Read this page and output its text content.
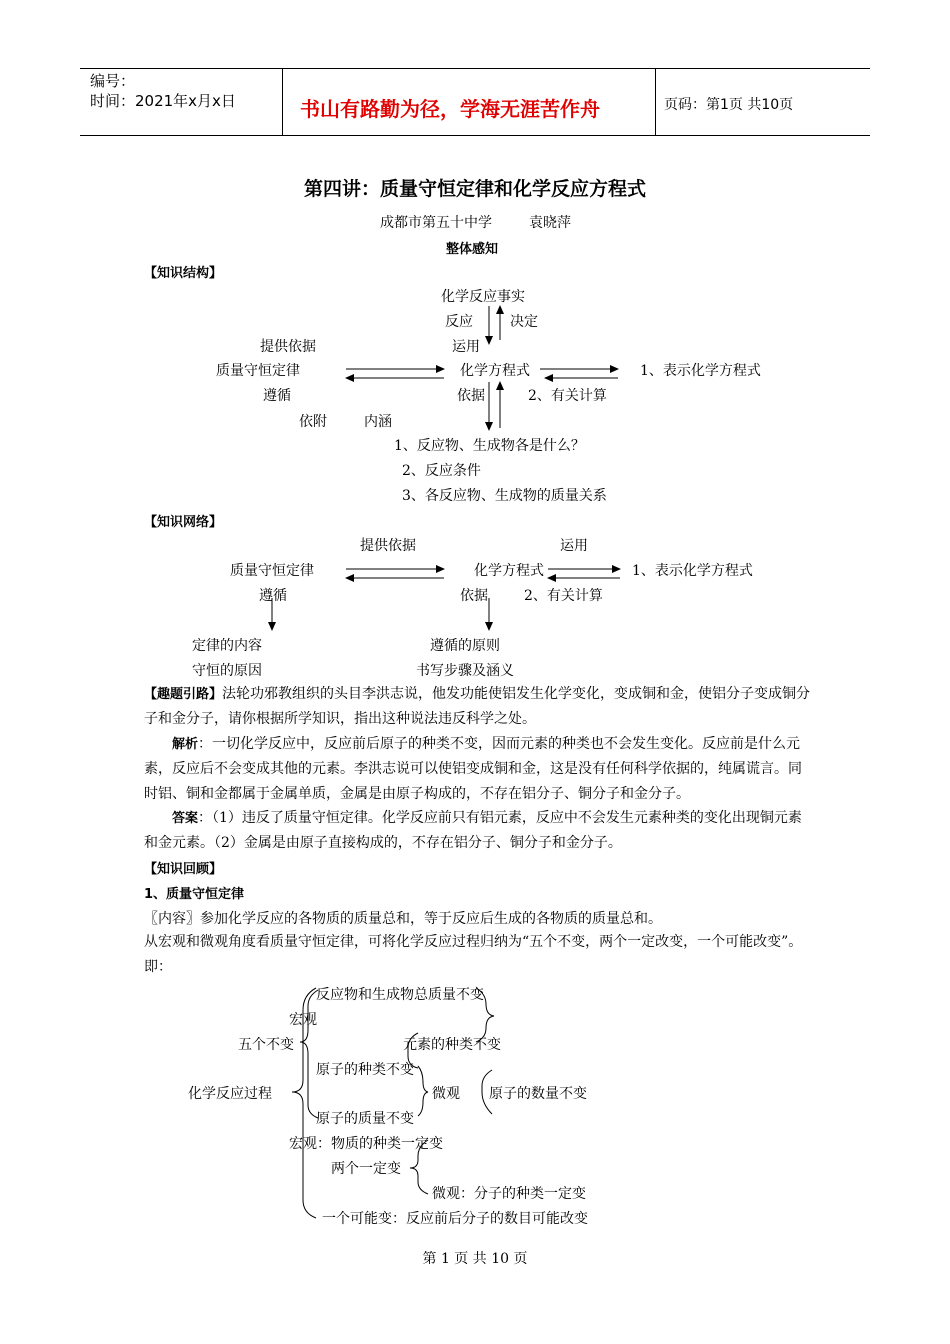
编号：
时间：2021年x月x日	书山有路勤为径，学海无涯苦作舟	页码：第1页 共10页
第四讲：质量守恒定律和化学反应方程式
成都市第五十中学	袁晓萍
整体感知
【知识结构】
化学反应事实
反应	决定
提供依据	运用
质量守恒定律	化学方程式	1、表示化学方程式
遵循	依据	2、有关计算
依附	内涵
1、反应物、生成物各是什么？
2、反应条件
3、各反应物、生成物的质量关系
【知识网络】
提供依据	运用
质量守恒定律	化学方程式	1、表示化学方程式
遵循	依据	2、有关计算
定律的内容	遵循的原则
守恒的原因	书写步骤及涵义
【趣题引路】法轮功邪教组织的头目李洪志说，他发功能使铝发生化学变化，变成铜和金，使铝分子变成铜分子和金分子，请你根据所学知识，指出这种说法违反科学之处。
解析：一切化学反应中，反应前后原子的种类不变，因而元素的种类也不会发生变化。反应前是什么元素，反应后不会变成其他的元素。李洪志说可以使铝变成铜和金，这是没有任何科学依据的，纯属谎言。同时铝、铜和金都属于金属单质，金属是由原子构成的，不存在铝分子、铜分子和金分子。
答案：（1）违反了质量守恒定律。化学反应前只有铝元素，反应中不会发生元素种类的变化出现铜元素和金元素。（2）金属是由原子直接构成的，不存在铝分子、铜分子和金分子。
【知识回顾】
1、质量守恒定律
〖内容〗参加化学反应的各物质的质量总和，等于反应后生成的各物质的质量总和。
从宏观和微观角度看质量守恒定律，可将化学反应过程归纳为“五个不变，两个一定改变，一个可能改变”。即：
反应物和生成物总质量不变
宏观
五个不变	元素的种类不变
原子的种类不变
化学反应过程	微观 原子的数量不变
原子的质量不变
宏观：物质的种类一定变
两个一定变
微观：分子的种类一定变
一个可能变：反应前后分子的数目可能改变
第 1 页 共 10 页
